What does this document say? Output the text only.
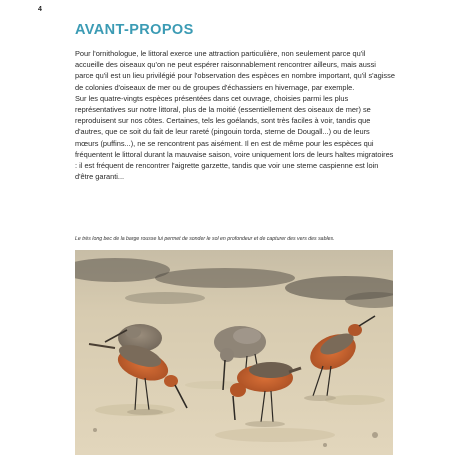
4
AVANT-PROPOS

Pour l'ornithologue, le littoral exerce une attraction particulière, non seulement parce qu'il accueille des oiseaux qu'on ne peut espérer raisonnablement rencontrer ailleurs, mais aussi parce qu'il est un lieu privilégié pour l'observation des espèces en nombre important, qu'il s'agisse de colonies d'oiseaux de mer ou de groupes d'échassiers en hivernage, par exemple.

Sur les quatre-vingts espèces présentées dans cet ouvrage, choisies parmi les plus représentatives sur notre littoral, plus de la moitié (essentiellement des oiseaux de mer) se reproduisent sur nos côtes. Certaines, tels les goélands, sont très faciles à voir, tandis que d'autres, que ce soit du fait de leur rareté (pingouin torda, sterne de Dougall...) ou de leurs mœurs (puffins...), ne se rencontrent pas aisément. Il en est de même pour les espèces qui fréquentent le littoral durant la mauvaise saison, voire uniquement lors de leurs haltes migratoires : il est fréquent de rencontrer l'aigrette garzette, tandis que voir une sterne caspienne est loin d'être garanti...

Le très long bec de la barge rousse lui permet de sonder le sol en profondeur et de capturer des vers des sables.
